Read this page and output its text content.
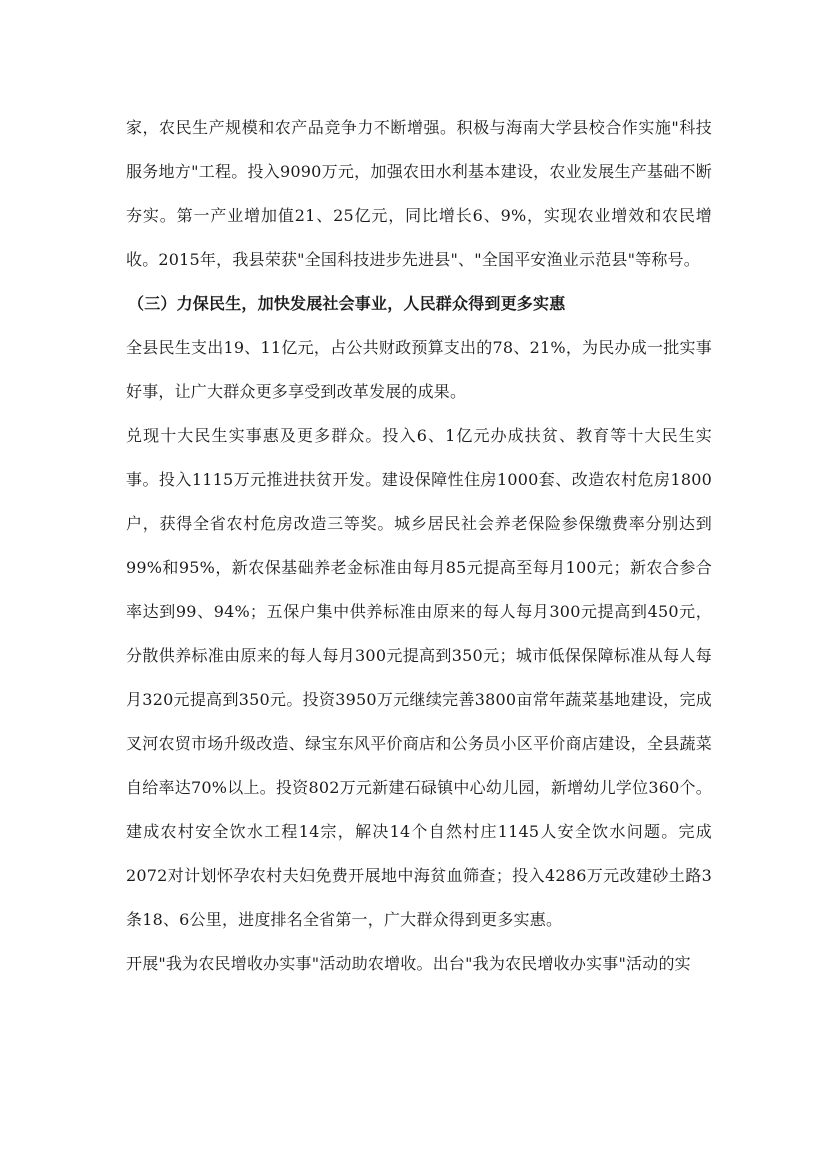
家，农民生产规模和农产品竞争力不断增强。积极与海南大学县校合作实施"科技服务地方"工程。投入9090万元，加强农田水利基本建设，农业发展生产基础不断夯实。第一产业增加值21、25亿元，同比增长6、9%，实现农业增效和农民增收。2015年，我县荣获"全国科技进步先进县"、"全国平安渔业示范县"等称号。

（三）力保民生，加快发展社会事业，人民群众得到更多实惠

全县民生支出19、11亿元，占公共财政预算支出的78、21%，为民办成一批实事好事，让广大群众更多享受到改革发展的成果。

兑现十大民生实事惠及更多群众。投入6、1亿元办成扶贫、教育等十大民生实事。投入1115万元推进扶贫开发。建设保障性住房1000套、改造农村危房1800户，获得全省农村危房改造三等奖。城乡居民社会养老保险参保缴费率分别达到99%和95%，新农保基础养老金标准由每月85元提高至每月100元；新农合参合率达到99、94%；五保户集中供养标准由原来的每人每月300元提高到450元，分散供养标准由原来的每人每月300元提高到350元；城市低保保障标准从每人每月320元提高到350元。投资3950万元继续完善3800亩常年蔬菜基地建设，完成叉河农贸市场升级改造、绿宝东风平价商店和公务员小区平价商店建设，全县蔬菜自给率达70%以上。投资802万元新建石碌镇中心幼儿园，新增幼儿学位360个。建成农村安全饮水工程14宗，解决14个自然村庄1145人安全饮水问题。完成2072对计划怀孕农村夫妇免费开展地中海贫血筛查；投入4286万元改建砂土路3条18、6公里，进度排名全省第一，广大群众得到更多实惠。

开展"我为农民增收办实事"活动助农增收。出台"我为农民增收办实事"活动的实
